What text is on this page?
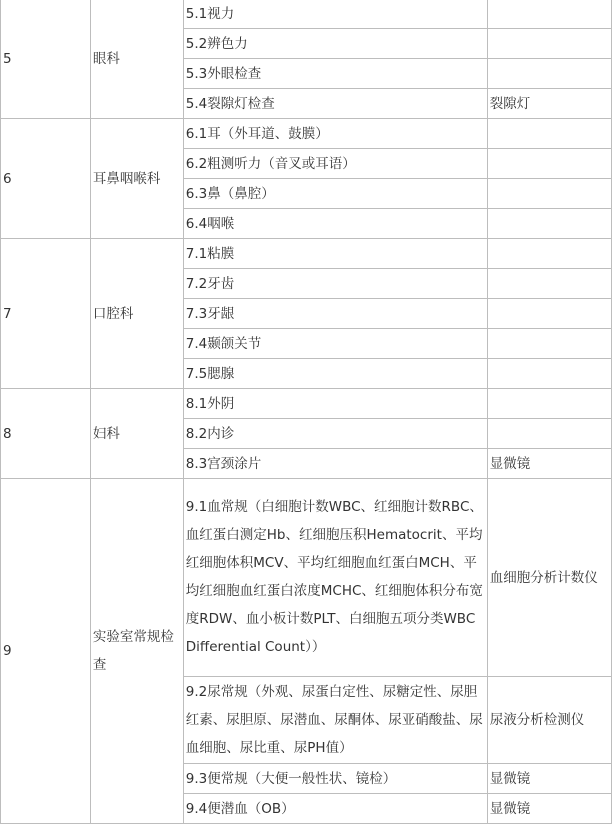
5	眼科	5.1视力	
		5.2辨色力	
		5.3外眼检查	
		5.4裂隙灯检查	裂隙灯
6	耳鼻咽喉科	6.1耳（外耳道、鼓膜）	
		6.2粗测听力（音叉或耳语）	
		6.3鼻（鼻腔）	
		6.4咽喉	
7	口腔科	7.1粘膜	
		7.2牙齿	
		7.3牙龈	
		7.4颞颌关节	
		7.5腮腺	
8	妇科	8.1外阴	
		8.2内诊	
		8.3宫颈涂片	显微镜
9	实验室常规检查	9.1血常规（白细胞计数WBC、红细胞计数RBC、血红蛋白测定Hb、红细胞压积Hematocrit、平均红细胞体积MCV、平均红细胞血红蛋白MCH、平均红细胞血红蛋白浓度MCHC、红细胞体积分布宽度RDW、血小板计数PLT、白细胞五项分类WBC Differential Count））	血细胞分析计数仪
		9.2尿常规（外观、尿蛋白定性、尿糖定性、尿胆红素、尿胆原、尿潜血、尿酮体、尿亚硝酸盐、尿血细胞、尿比重、尿PH值）	尿液分析检测仪
		9.3便常规（大便一般性状、镜检）	显微镜
		9.4便潜血（OB）	显微镜
